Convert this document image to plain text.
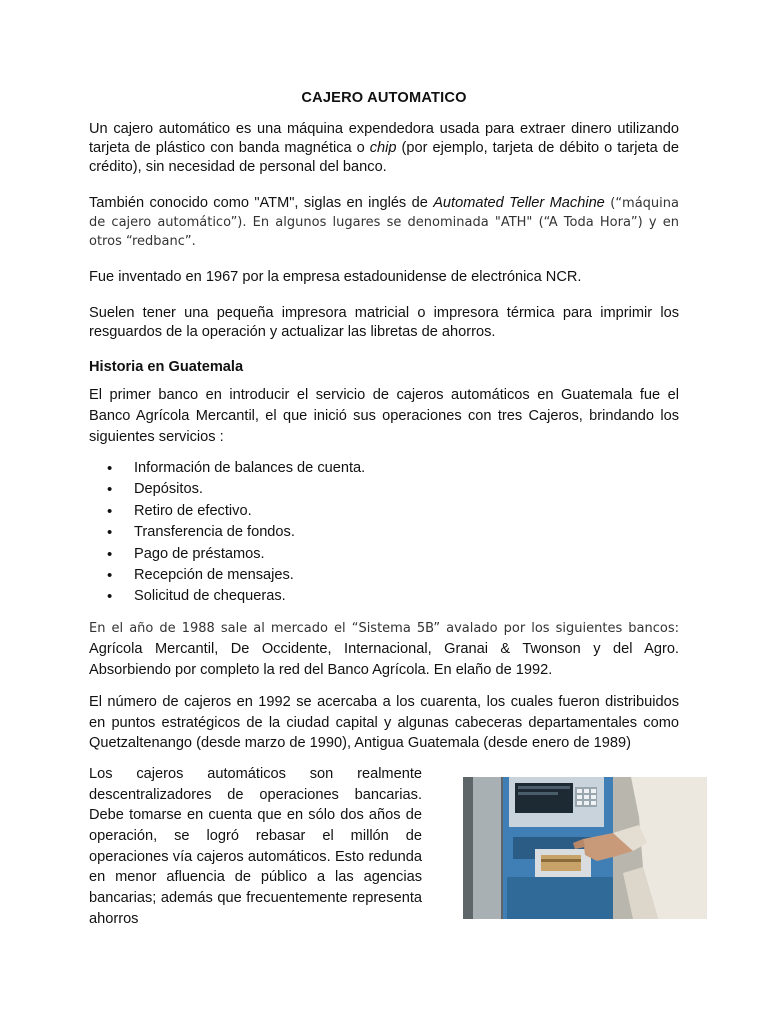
CAJERO AUTOMATICO

Un cajero automático es una máquina expendedora usada para extraer dinero utilizando tarjeta de plástico con banda magnética o chip (por ejemplo, tarjeta de débito o tarjeta de crédito), sin necesidad de personal del banco.

También conocido como "ATM", siglas en inglés de Automated Teller Machine (“máquina de cajero automático”). En algunos lugares se denominada "ATH" (“A Toda Hora”) y en otros “redbanc”.

Fue inventado en 1967 por la empresa estadounidense de electrónica NCR.

Suelen tener una pequeña impresora matricial o impresora térmica para imprimir los resguardos de la operación y actualizar las libretas de ahorros.

Historia en Guatemala

El primer banco en introducir el servicio de cajeros automáticos en Guatemala fue el Banco Agrícola Mercantil, el que inició sus operaciones con tres Cajeros, brindando los siguientes servicios :

• Información de balances de cuenta.
• Depósitos.
• Retiro de efectivo.
• Transferencia de fondos.
• Pago de préstamos.
• Recepción de mensajes.
• Solicitud de chequeras.

En el año de 1988 sale al mercado el “Sistema 5B” avalado por los siguientes bancos: Agrícola Mercantil, De Occidente, Internacional, Granai & Twonson y del Agro. Absorbiendo por completo la red del Banco Agrícola. En elaño de 1992.

El número de cajeros en 1992 se acercaba a los cuarenta, los cuales fueron distribuidos en puntos estratégicos de la ciudad capital y algunas cabeceras departamentales como Quetzaltenango (desde marzo de 1990), Antigua Guatemala (desde enero de 1989)

Los cajeros automáticos son realmente descentralizadores de operaciones bancarias. Debe tomarse en cuenta que en sólo dos años de operación, se logró rebasar el millón de operaciones vía cajeros automáticos. Esto redunda en menor afluencia de público a las agencias bancarias; además que frecuentemente representa ahorros
